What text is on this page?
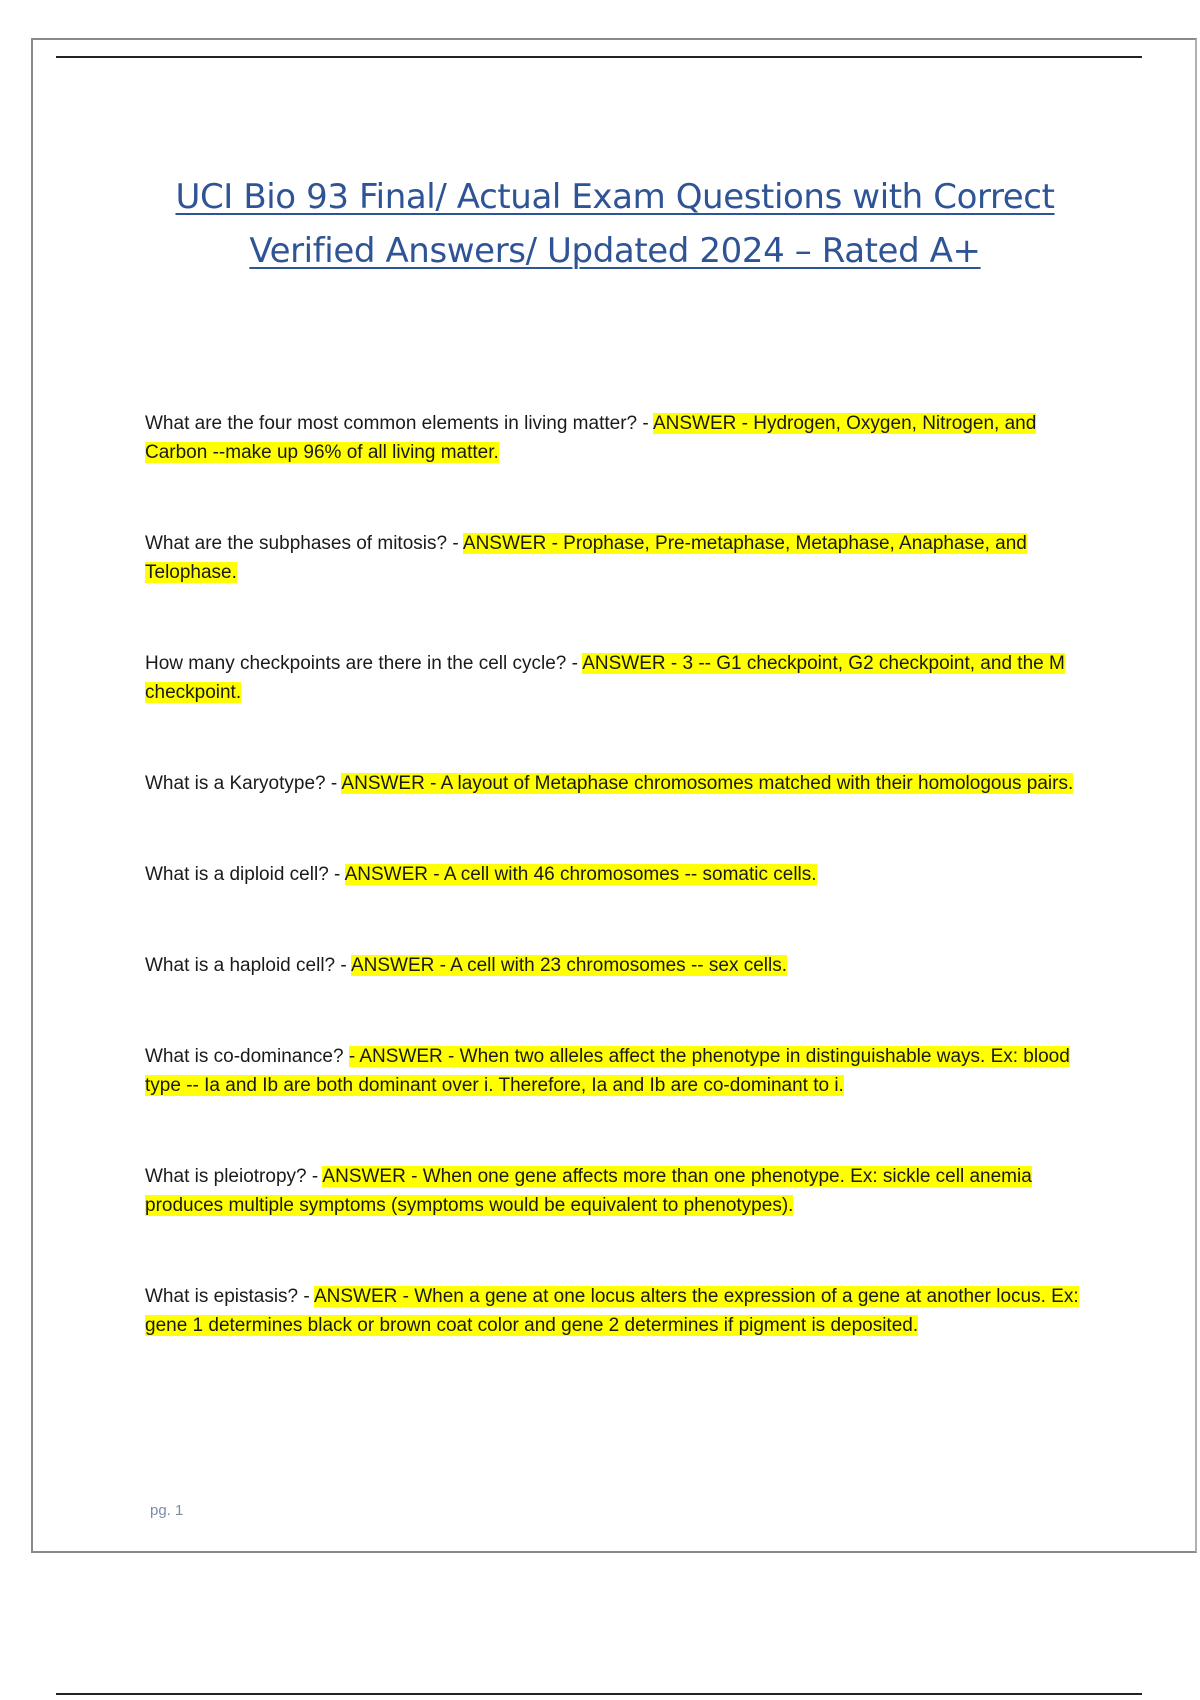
UCI Bio 93 Final/ Actual Exam Questions with Correct
Verified Answers/ Updated 2024 – Rated A+

What are the four most common elements in living matter? - ANSWER - Hydrogen, Oxygen, Nitrogen, and Carbon --make up 96% of all living matter.

What are the subphases of mitosis? - ANSWER - Prophase, Pre-metaphase, Metaphase, Anaphase, and Telophase.

How many checkpoints are there in the cell cycle? - ANSWER - 3 -- G1 checkpoint, G2 checkpoint, and the M checkpoint.

What is a Karyotype? - ANSWER - A layout of Metaphase chromosomes matched with their homologous pairs.

What is a diploid cell? - ANSWER - A cell with 46 chromosomes -- somatic cells.

What is a haploid cell? - ANSWER - A cell with 23 chromosomes -- sex cells.

What is co-dominance? - ANSWER - When two alleles affect the phenotype in distinguishable ways. Ex: blood type -- Ia and Ib are both dominant over i. Therefore, Ia and Ib are co-dominant to i.

What is pleiotropy? - ANSWER - When one gene affects more than one phenotype. Ex: sickle cell anemia produces multiple symptoms (symptoms would be equivalent to phenotypes).

What is epistasis? - ANSWER - When a gene at one locus alters the expression of a gene at another locus. Ex: gene 1 determines black or brown coat color and gene 2 determines if pigment is deposited.

pg. 1
